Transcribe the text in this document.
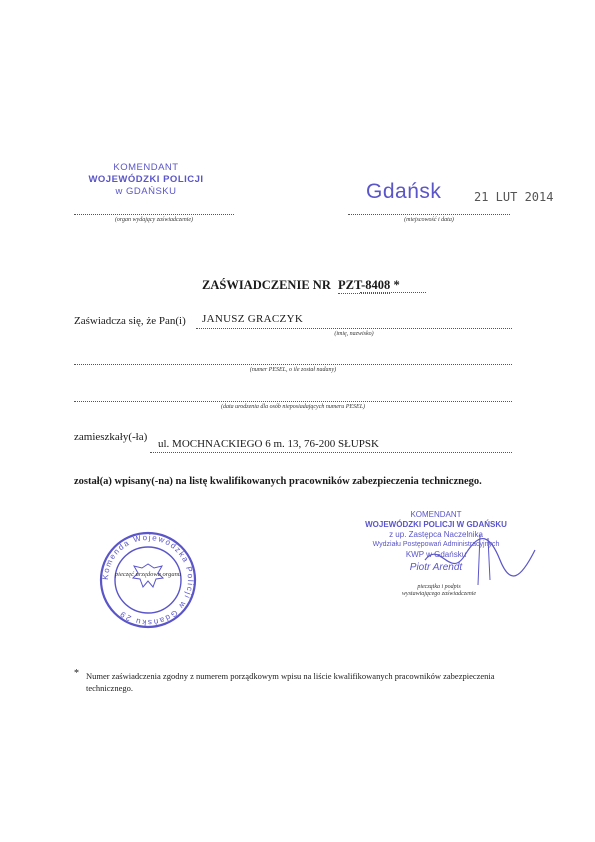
KOMENDANT
WOJEWÓDZKI POLICJI
w GDAŃSKU
(organ wydający zaświadczenie)
Gdańsk	21 LUT 2014
(miejscowość i data)
ZAŚWIADCZENIE NR PZT-8408 *
Zaświadcza się, że Pan(i) JANUSZ GRACZYK
(imię, nazwisko)
(numer PESEL, o ile został nadany)
(data urodzenia dla osób nieposiadających numeru PESEL)
zamieszkały(-ła)
ul. MOCHNACKIEGO 6 m. 13, 76-200 SŁUPSK
został(a) wpisany(-na) na listę kwalifikowanych pracowników zabezpieczenia technicznego.
Komenda Wojewódzka Policji w Gdańsku 29
pieczęć urzędowa organu
KOMENDANT
WOJEWÓDZKI POLICJI W GDAŃSKU
z up. Zastępca Naczelnika
Wydziału Postępowań Administracyjnych
KWP w Gdańsku
Piotr Arendt
pieczątka i podpis
wystawiającego zaświadczenie
* Numer zaświadczenia zgodny z numerem porządkowym wpisu na liście kwalifikowanych pracowników zabezpieczenia technicznego.
